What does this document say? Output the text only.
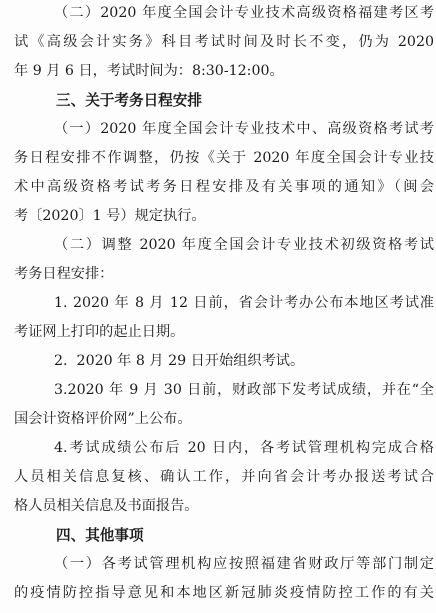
（二）2020 年度全国会计专业技术高级资格福建考区考
试《高级会计实务》科目考试时间及时长不变，仍为 2020
年 9 月 6 日，考试时间为：8:30-12:00。
三、关于考务日程安排
（一）2020 年度全国会计专业技术中、高级资格考试考
务日程安排不作调整，仍按《关于 2020 年度全国会计专业技
术中高级资格考试考务日程安排及有关事项的通知》（闽会
考〔2020〕1 号）规定执行。
（二）调整 2020 年度全国会计专业技术初级资格考试
考务日程安排：
1. 2020 年 8 月 12 日前，省会计考办公布本地区考试准
考证网上打印的起止日期。
2.  2020 年 8 月 29 日开始组织考试。
3.2020 年 9 月 30 日前，财政部下发考试成绩，并在“全
国会计资格评价网”上公布。
4.考试成绩公布后 20 日内，各考试管理机构完成合格
人员相关信息复核、确认工作，并向省会计考办报送考试合
格人员相关信息及书面报告。
四、其他事项
（一）各考试管理机构应按照福建省财政厅等部门制定
的疫情防控指导意见和本地区新冠肺炎疫情防控工作的有关
